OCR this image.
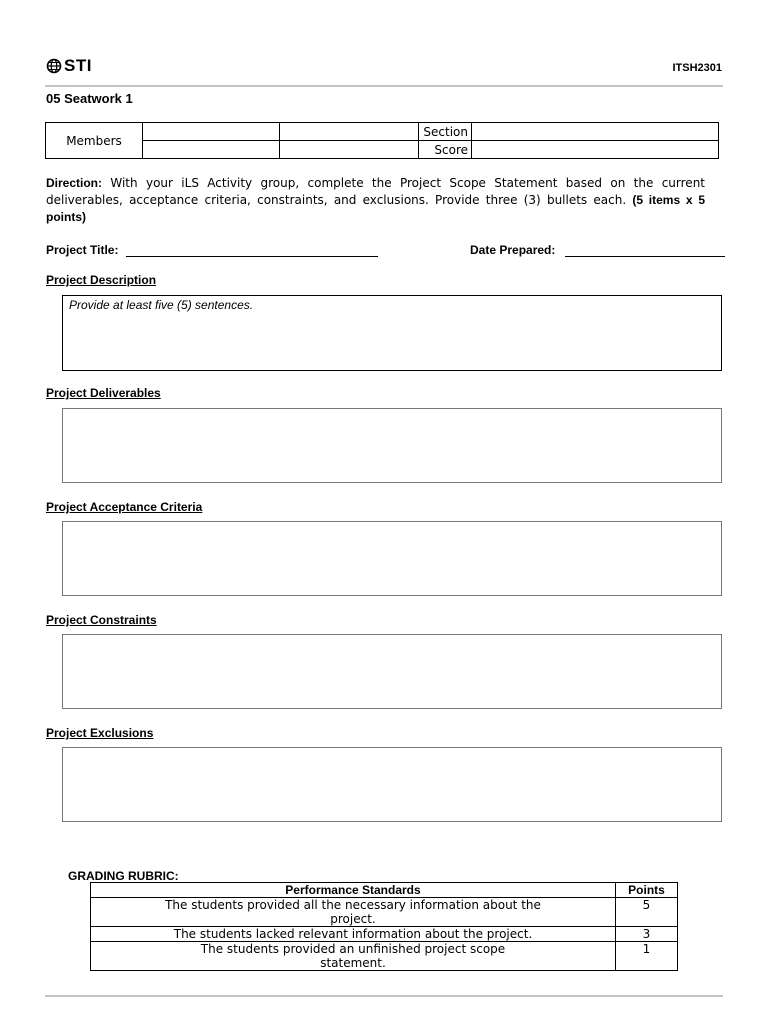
STI	ITSH2301
05 Seatwork 1
Members			Section	
			Score	
Direction: With your iLS Activity group, complete the Project Scope Statement based on the current deliverables, acceptance criteria, constraints, and exclusions. Provide three (3) bullets each. (5 items x 5 points)
Project Title:	Date Prepared:
Project Description
Provide at least five (5) sentences.
Project Deliverables
Project Acceptance Criteria
Project Constraints
Project Exclusions
GRADING RUBRIC:
Performance Standards	Points
The students provided all the necessary information about the project.	5
The students lacked relevant information about the project.	3
The students provided an unfinished project scope statement.	1
